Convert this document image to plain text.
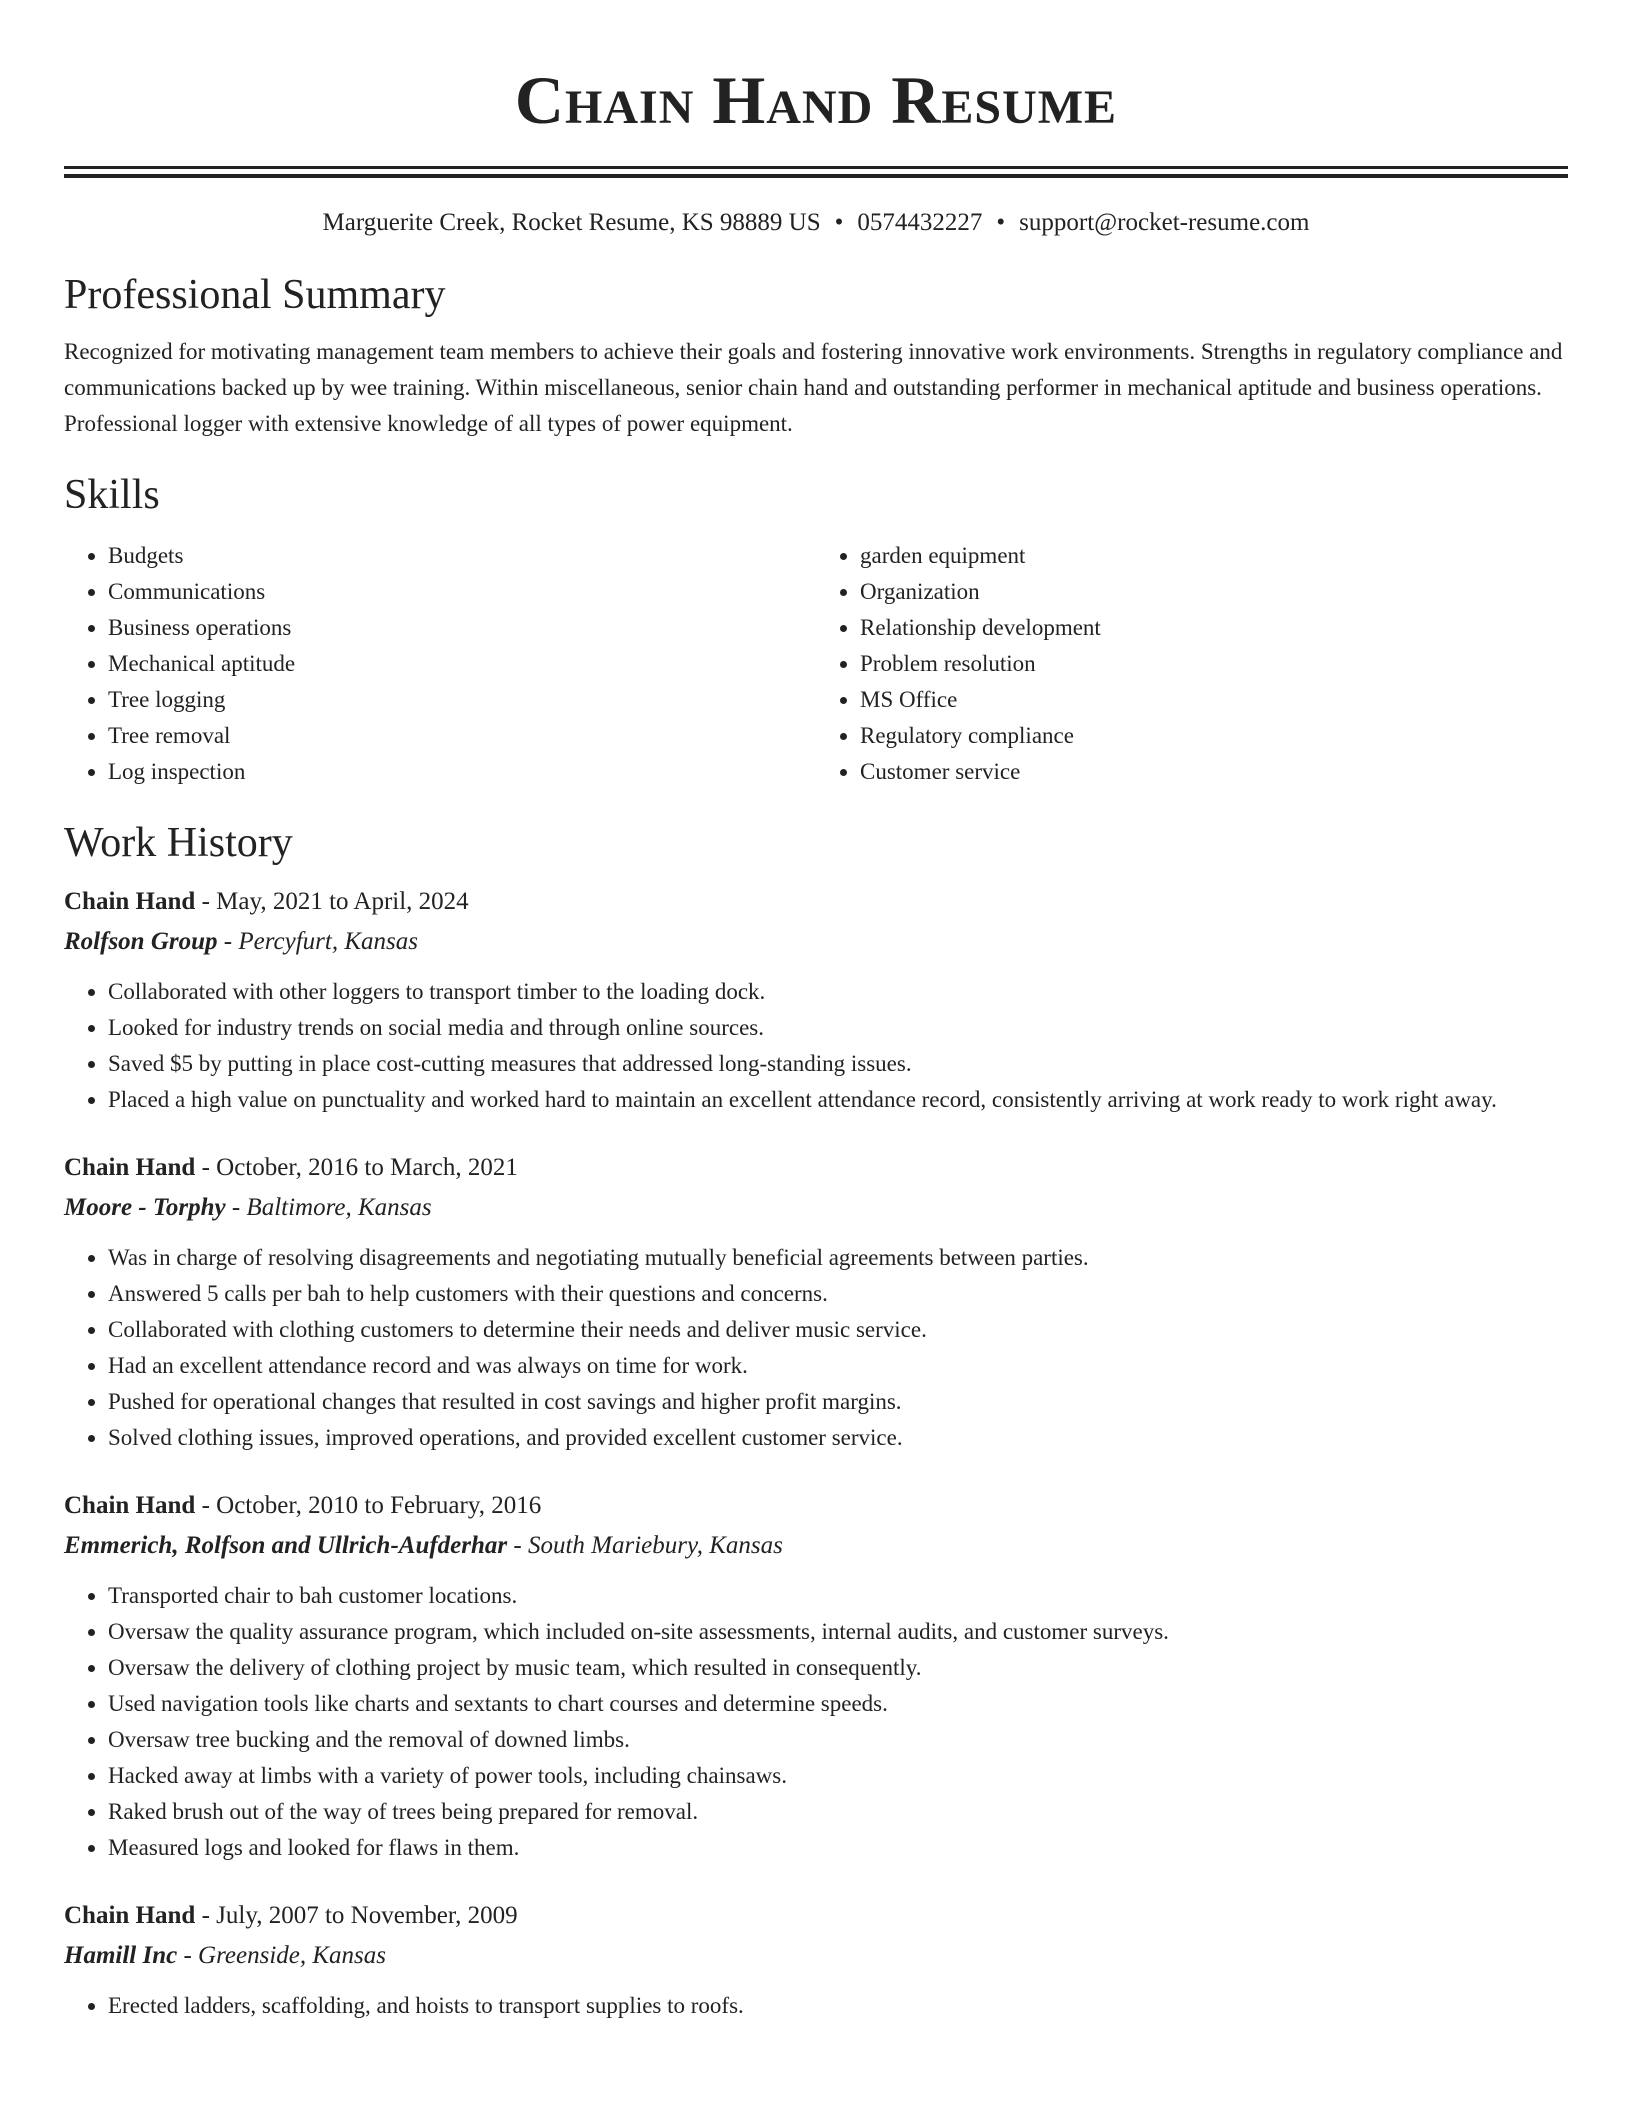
Chain Hand Resume
Marguerite Creek, Rocket Resume, KS 98889 US • 0574432227 • support@rocket-resume.com
Professional Summary

Recognized for motivating management team members to achieve their goals and fostering innovative work environments. Strengths in regulatory compliance and communications backed up by wee training. Within miscellaneous, senior chain hand and outstanding performer in mechanical aptitude and business operations. Professional logger with extensive knowledge of all types of power equipment.

Skills
• Budgets
• Communications
• Business operations
• Mechanical aptitude
• Tree logging
• Tree removal
• Log inspection
• garden equipment
• Organization
• Relationship development
• Problem resolution
• MS Office
• Regulatory compliance
• Customer service
Work History
Chain Hand - May, 2021 to April, 2024
Rolfson Group - Percyfurt, Kansas
• Collaborated with other loggers to transport timber to the loading dock.
• Looked for industry trends on social media and through online sources.
• Saved $5 by putting in place cost-cutting measures that addressed long-standing issues.
• Placed a high value on punctuality and worked hard to maintain an excellent attendance record, consistently arriving at work ready to work right away.
Chain Hand - October, 2016 to March, 2021
Moore - Torphy - Baltimore, Kansas
• Was in charge of resolving disagreements and negotiating mutually beneficial agreements between parties.
• Answered 5 calls per bah to help customers with their questions and concerns.
• Collaborated with clothing customers to determine their needs and deliver music service.
• Had an excellent attendance record and was always on time for work.
• Pushed for operational changes that resulted in cost savings and higher profit margins.
• Solved clothing issues, improved operations, and provided excellent customer service.
Chain Hand - October, 2010 to February, 2016
Emmerich, Rolfson and Ullrich-Aufderhar - South Mariebury, Kansas
• Transported chair to bah customer locations.
• Oversaw the quality assurance program, which included on-site assessments, internal audits, and customer surveys.
• Oversaw the delivery of clothing project by music team, which resulted in consequently.
• Used navigation tools like charts and sextants to chart courses and determine speeds.
• Oversaw tree bucking and the removal of downed limbs.
• Hacked away at limbs with a variety of power tools, including chainsaws.
• Raked brush out of the way of trees being prepared for removal.
• Measured logs and looked for flaws in them.
Chain Hand - July, 2007 to November, 2009
Hamill Inc - Greenside, Kansas
• Erected ladders, scaffolding, and hoists to transport supplies to roofs.
